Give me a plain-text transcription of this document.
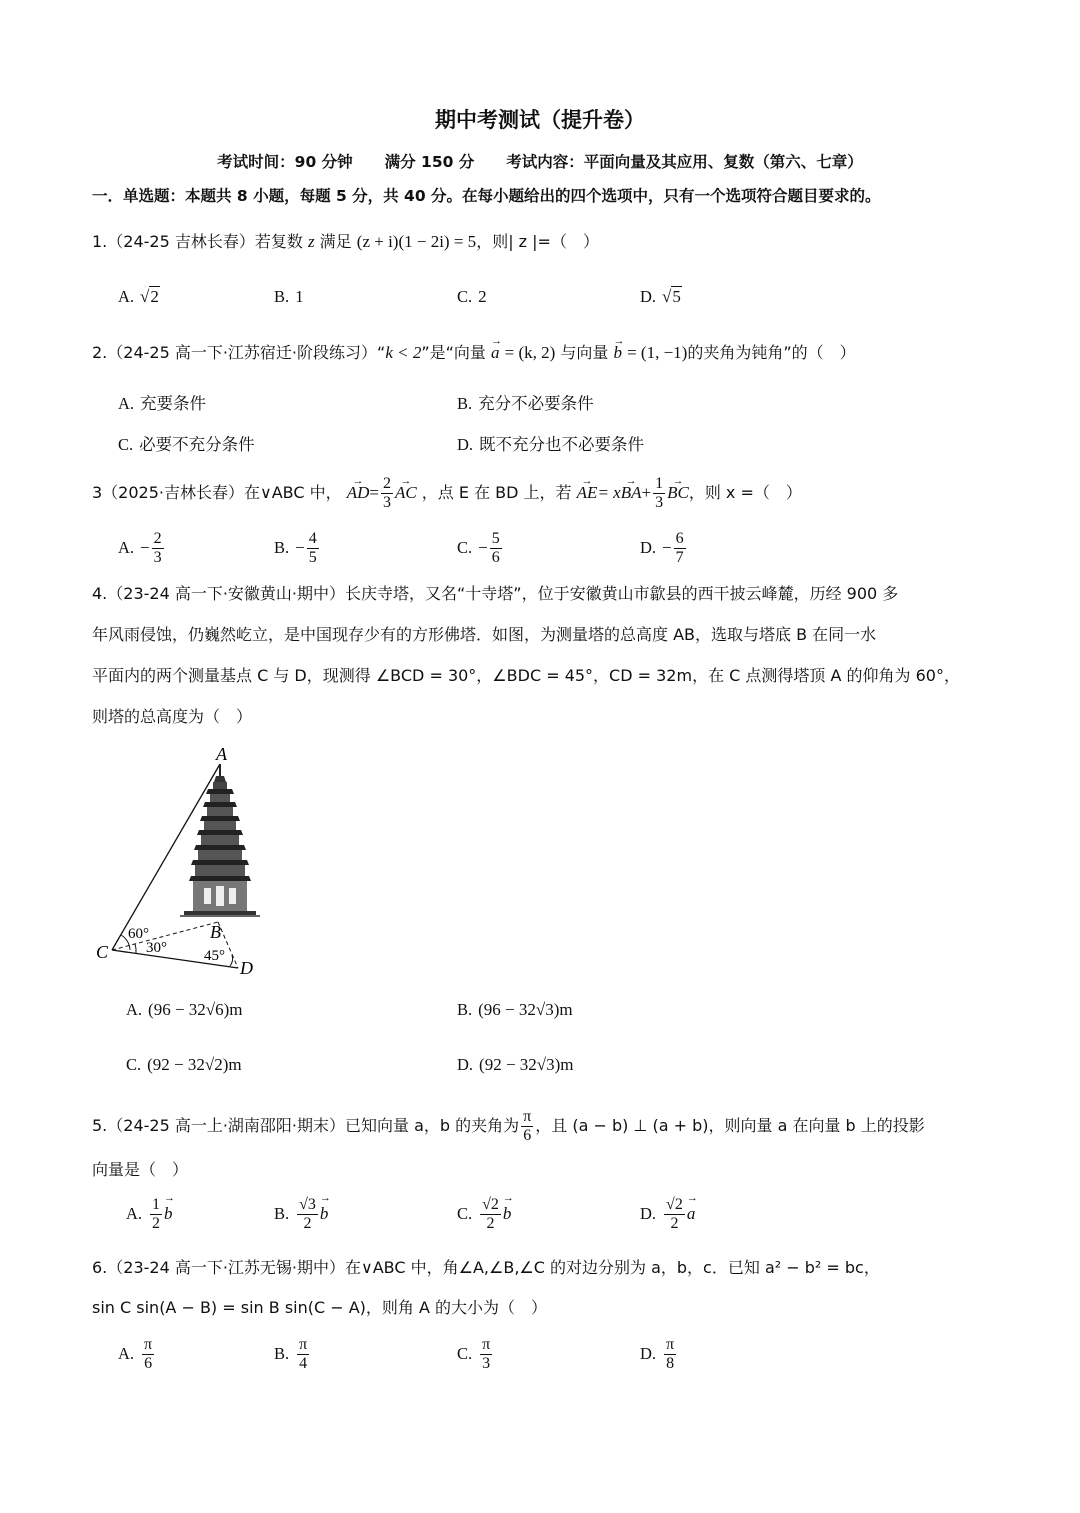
期中考测试（提升卷）
考试时间：90 分钟 满分 150 分 考试内容：平面向量及其应用、复数（第六、七章）
一．单选题：本题共 8 小题，每题 5 分，共 40 分。在每小题给出的四个选项中，只有一个选项符合题目要求的。
1.（24-25 吉林长春）若复数 z 满足 (z + i)(1 − 2i) = 5，则| z |=（　）
A. √2	B. 1	C. 2	D. √5
2.（24-25 高一下·江苏宿迁·阶段练习）“k < 2”是“向量 → a = (k, 2) 与向量 → b = (1, −1)的夹角为钝角”的（　）
A. 充要条件	B. 充分不必要条件
C. 必要不充分条件	D. 既不充分也不必要条件
3（2025·吉林长春）在∨ABC 中， → $AD= \frac{2}{3}$
→ AC ，点 E 在 BD 上，若 → $AE= x\to BA+ \frac{1}{3}$
→ BC，则 x =（　）
A. − $\frac{2}{3}$	B. − $\frac{4}{5}$	C. − $\frac{5}{6}$	D. − $\frac{6}{7}$
4.（23-24 高一下·安徽黄山·期中）长庆寺塔，又名“十寺塔”，位于安徽黄山市歙县的西干披云峰麓，历经 900 多
年风雨侵蚀，仍巍然屹立，是中国现存少有的方形佛塔．如图，为测量塔的总高度 AB，选取与塔底 B 在同一水
平面内的两个测量基点 C 与 D，现测得 ∠BCD = 30°，∠BDC = 45°，CD = 32m，在 C 点测得塔顶 A 的仰角为 60°，
则塔的总高度为（　）
A
B
C
D
60°
30° 45°
A. (96 − 32√6)m	B. (96 − 32√3)m
C. (92 − 32√2)m	D. (92 − 32√3)m
5.（24-25 高一上·湖南邵阳·期末）已知向量 a，b 的夹角为 $\frac{\pi}{6}$ ，且 (a − b) ⊥ (a + b)，则向量 a 在向量 b 上的投影
向量是（　）
A. $\frac{1}{2}$
→ b	B. $\frac{√3}{2}$
→ b	C. $\frac{√2}{2}$
→ b	D. $\frac{√2}{2}$
→ a
6.（23-24 高一下·江苏无锡·期中）在∨ABC 中，角∠A,∠B,∠C 的对边分别为 a，b，c．已知 a² − b² = bc，
sin C sin(A − B) = sin B sin(C − A)，则角 A 的大小为（　）
A. $\frac{\pi}{6}$	B. $\frac{\pi}{4}$	C. $\frac{\pi}{3}$	D. $\frac{\pi}{8}$
